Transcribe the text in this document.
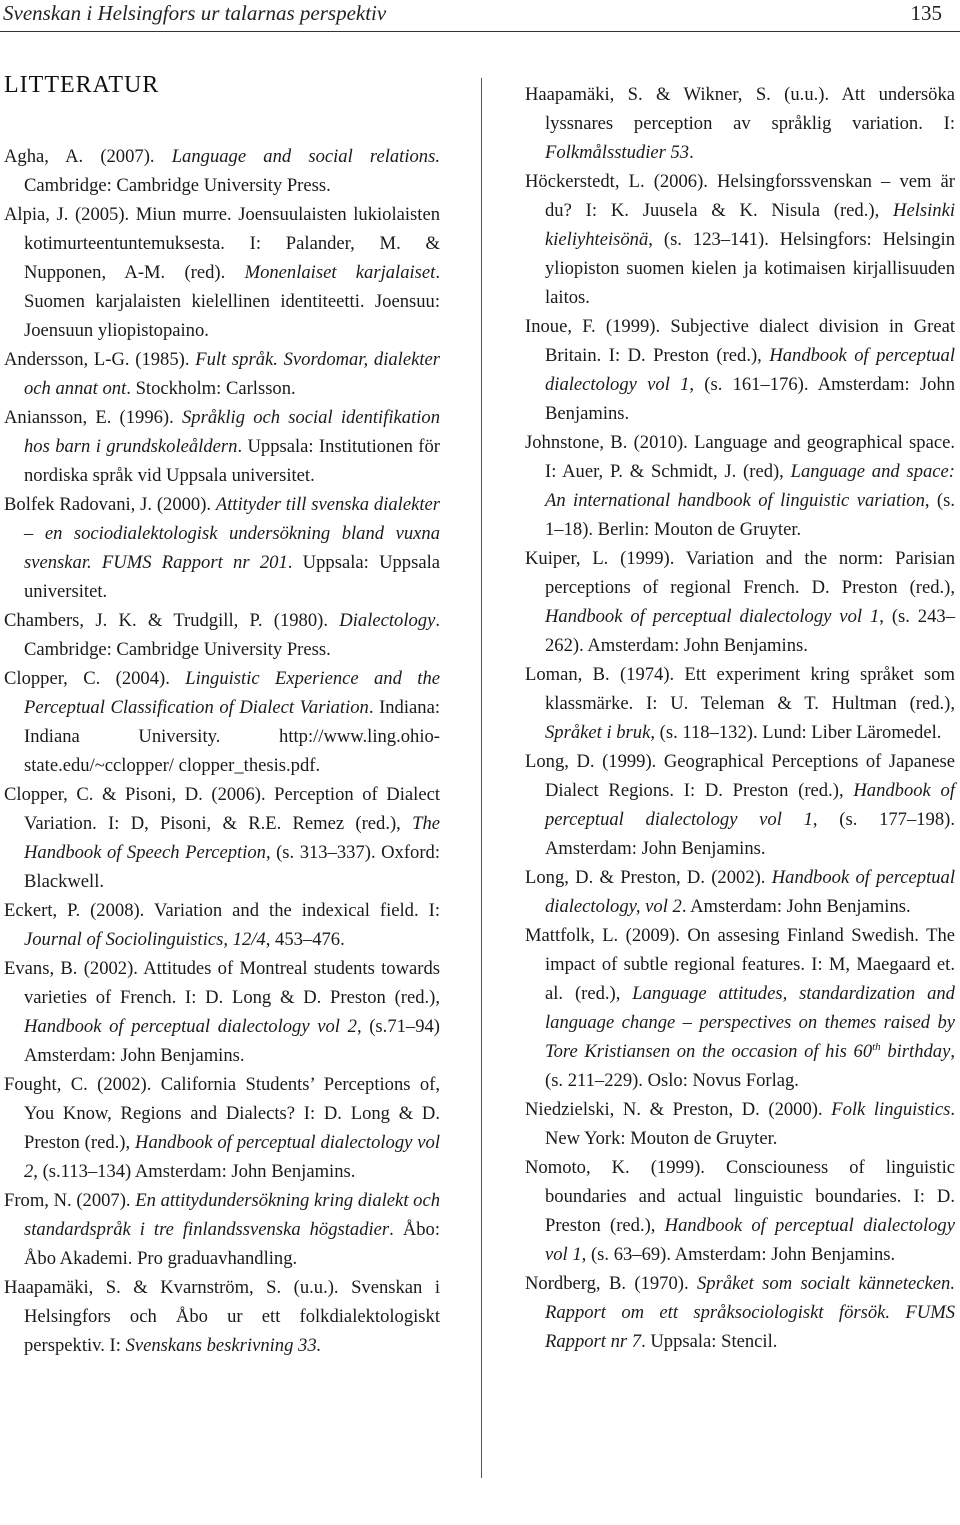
Svenskan i Helsingfors ur talarnas perspektiv	135
LITTERATUR

Agha, A. (2007). Language and social relations. Cambridge: Cambridge University Press.

Alpia, J. (2005). Miun murre. Joensuulaisten lukiolaisten kotimurteentuntemuksesta. I: Palander, M. & Nupponen, A-M. (red). Monenlaiset karjalaiset. Suomen karjalaisten kielellinen identiteetti. Joensuu: Joensuun yliopistopaino.

Andersson, L-G. (1985). Fult språk. Svordomar, dialekter och annat ont. Stockholm: Carlsson.

Aniansson, E. (1996). Språklig och social identifikation hos barn i grundskoleåldern. Uppsala: Institutionen för nordiska språk vid Uppsala universitet.

Bolfek Radovani, J. (2000). Attityder till svenska dialekter – en sociodialektologisk undersökning bland vuxna svenskar. FUMS Rapport nr 201. Uppsala: Uppsala universitet.

Chambers, J. K. & Trudgill, P. (1980). Dialectology. Cambridge: Cambridge University Press.

Clopper, C. (2004). Linguistic Experience and the Perceptual Classification of Dialect Variation. Indiana: Indiana University. http://www.ling.ohio-state.edu/~cclopper/ clopper_thesis.pdf.

Clopper, C. & Pisoni, D. (2006). Perception of Dialect Variation. I: D, Pisoni, & R.E. Remez (red.), The Handbook of Speech Perception, (s. 313–337). Oxford: Blackwell.

Eckert, P. (2008). Variation and the indexical field. I: Journal of Sociolinguistics, 12/4, 453–476.

Evans, B. (2002). Attitudes of Montreal students towards varieties of French. I: D. Long & D. Preston (red.), Handbook of perceptual dialectology vol 2, (s.71–94) Amsterdam: John Benjamins.

Fought, C. (2002). California Students’ Perceptions of, You Know, Regions and Dialects? I: D. Long & D. Preston (red.), Handbook of perceptual dialectology vol 2, (s.113–134) Amsterdam: John Benjamins.

From, N. (2007). En attitydundersökning kring dialekt och standardspråk i tre finlandssvenska högstadier. Åbo: Åbo Akademi. Pro graduavhandling.

Haapamäki, S. & Kvarnström, S. (u.u.). Svenskan i Helsingfors och Åbo ur ett folkdialektologiskt perspektiv. I: Svenskans beskrivning 33.

Haapamäki, S. & Wikner, S. (u.u.). Att undersöka lyssnares perception av språklig variation. I: Folkmålsstudier 53.

Höckerstedt, L. (2006). Helsingforssvenskan – vem är du? I: K. Juusela & K. Nisula (red.), Helsinki kieliyhteisönä, (s. 123–141). Helsingfors: Helsingin yliopiston suomen kielen ja kotimaisen kirjallisuuden laitos.

Inoue, F. (1999). Subjective dialect division in Great Britain. I: D. Preston (red.), Handbook of perceptual dialectology vol 1, (s. 161–176). Amsterdam: John Benjamins.

Johnstone, B. (2010). Language and geographical space. I: Auer, P. & Schmidt, J. (red), Language and space: An international handbook of linguistic variation, (s. 1–18). Berlin: Mouton de Gruyter.

Kuiper, L. (1999). Variation and the norm: Parisian perceptions of regional French. D. Preston (red.), Handbook of perceptual dialectology vol 1, (s. 243–262). Amsterdam: John Benjamins.

Loman, B. (1974). Ett experiment kring språket som klassmärke. I: U. Teleman & T. Hultman (red.), Språket i bruk, (s. 118–132). Lund: Liber Läromedel.

Long, D. (1999). Geographical Perceptions of Japanese Dialect Regions. I: D. Preston (red.), Handbook of perceptual dialectology vol 1, (s. 177–198). Amsterdam: John Benjamins.

Long, D. & Preston, D. (2002). Handbook of perceptual dialectology, vol 2. Amsterdam: John Benjamins.

Mattfolk, L. (2009). On assesing Finland Swedish. The impact of subtle regional features. I: M, Maegaard et. al. (red.), Language attitudes, standardization and language change – perspectives on themes raised by Tore Kristiansen on the occasion of his 60th birthday, (s. 211–229). Oslo: Novus Forlag.

Niedzielski, N. & Preston, D. (2000). Folk linguistics. New York: Mouton de Gruyter.

Nomoto, K. (1999). Consciouness of linguistic boundaries and actual linguistic boundaries. I: D. Preston (red.), Handbook of perceptual dialectology vol 1, (s. 63–69). Amsterdam: John Benjamins.

Nordberg, B. (1970). Språket som socialt kännetecken. Rapport om ett språksociologiskt försök. FUMS Rapport nr 7. Uppsala: Stencil.
